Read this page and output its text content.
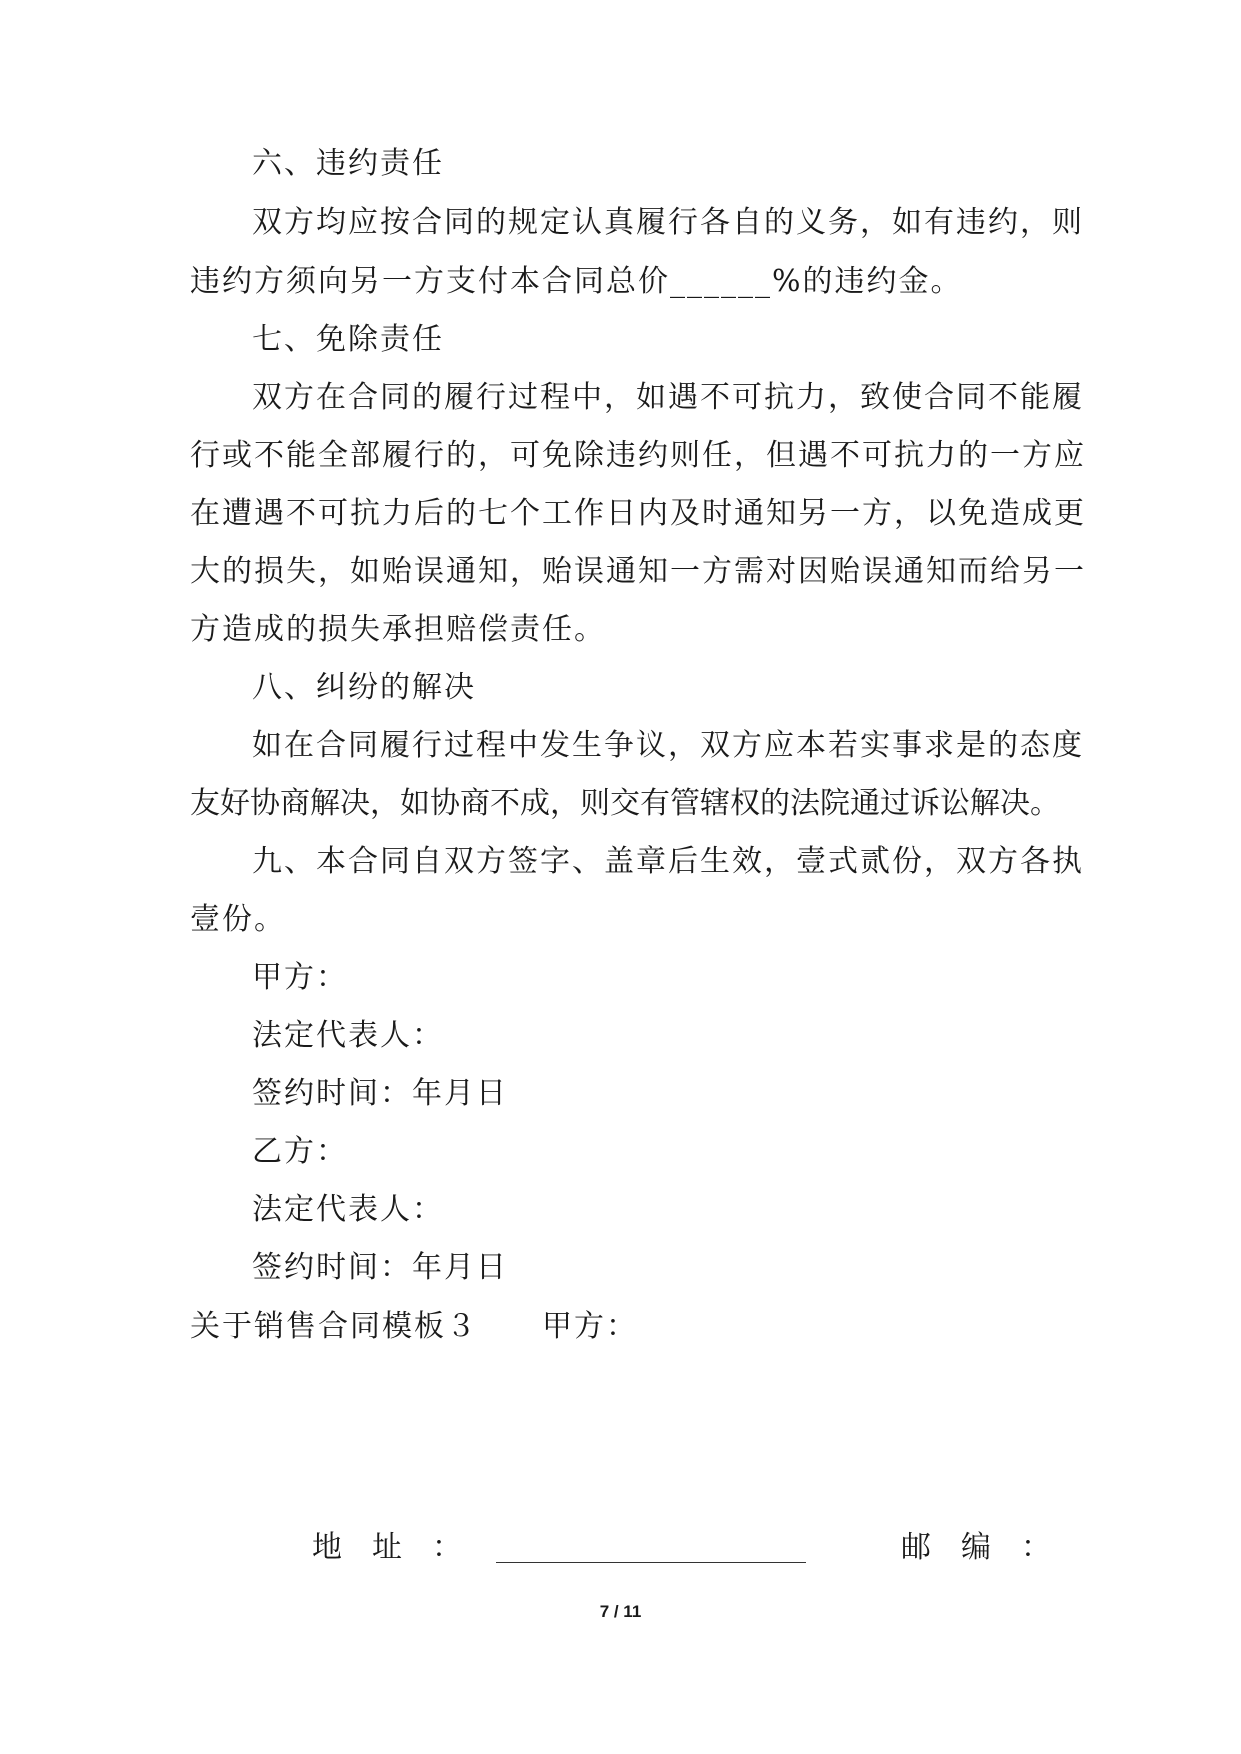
六、违约责任
双方均应按合同的规定认真履行各自的义务，如有违约，则
违约方须向另一方支付本合同总价______%的违约金。
七、免除责任
双方在合同的履行过程中，如遇不可抗力，致使合同不能履
行或不能全部履行的，可免除违约则任，但遇不可抗力的一方应
在遭遇不可抗力后的七个工作日内及时通知另一方，以免造成更
大的损失，如贻误通知，贻误通知一方需对因贻误通知而给另一
方造成的损失承担赔偿责任。
八、纠纷的解决
如在合同履行过程中发生争议，双方应本若实事求是的态度
友好协商解决，如协商不成，则交有管辖权的法院通过诉讼解决。
九、本合同自双方签字、盖章后生效，壹式贰份，双方各执
壹份。
甲方：
法定代表人：
签约时间：年月日
乙方：
法定代表人：
签约时间：年月日
关于销售合同模板３　　甲方：
地　址　：	邮　编　：
7 / 11
